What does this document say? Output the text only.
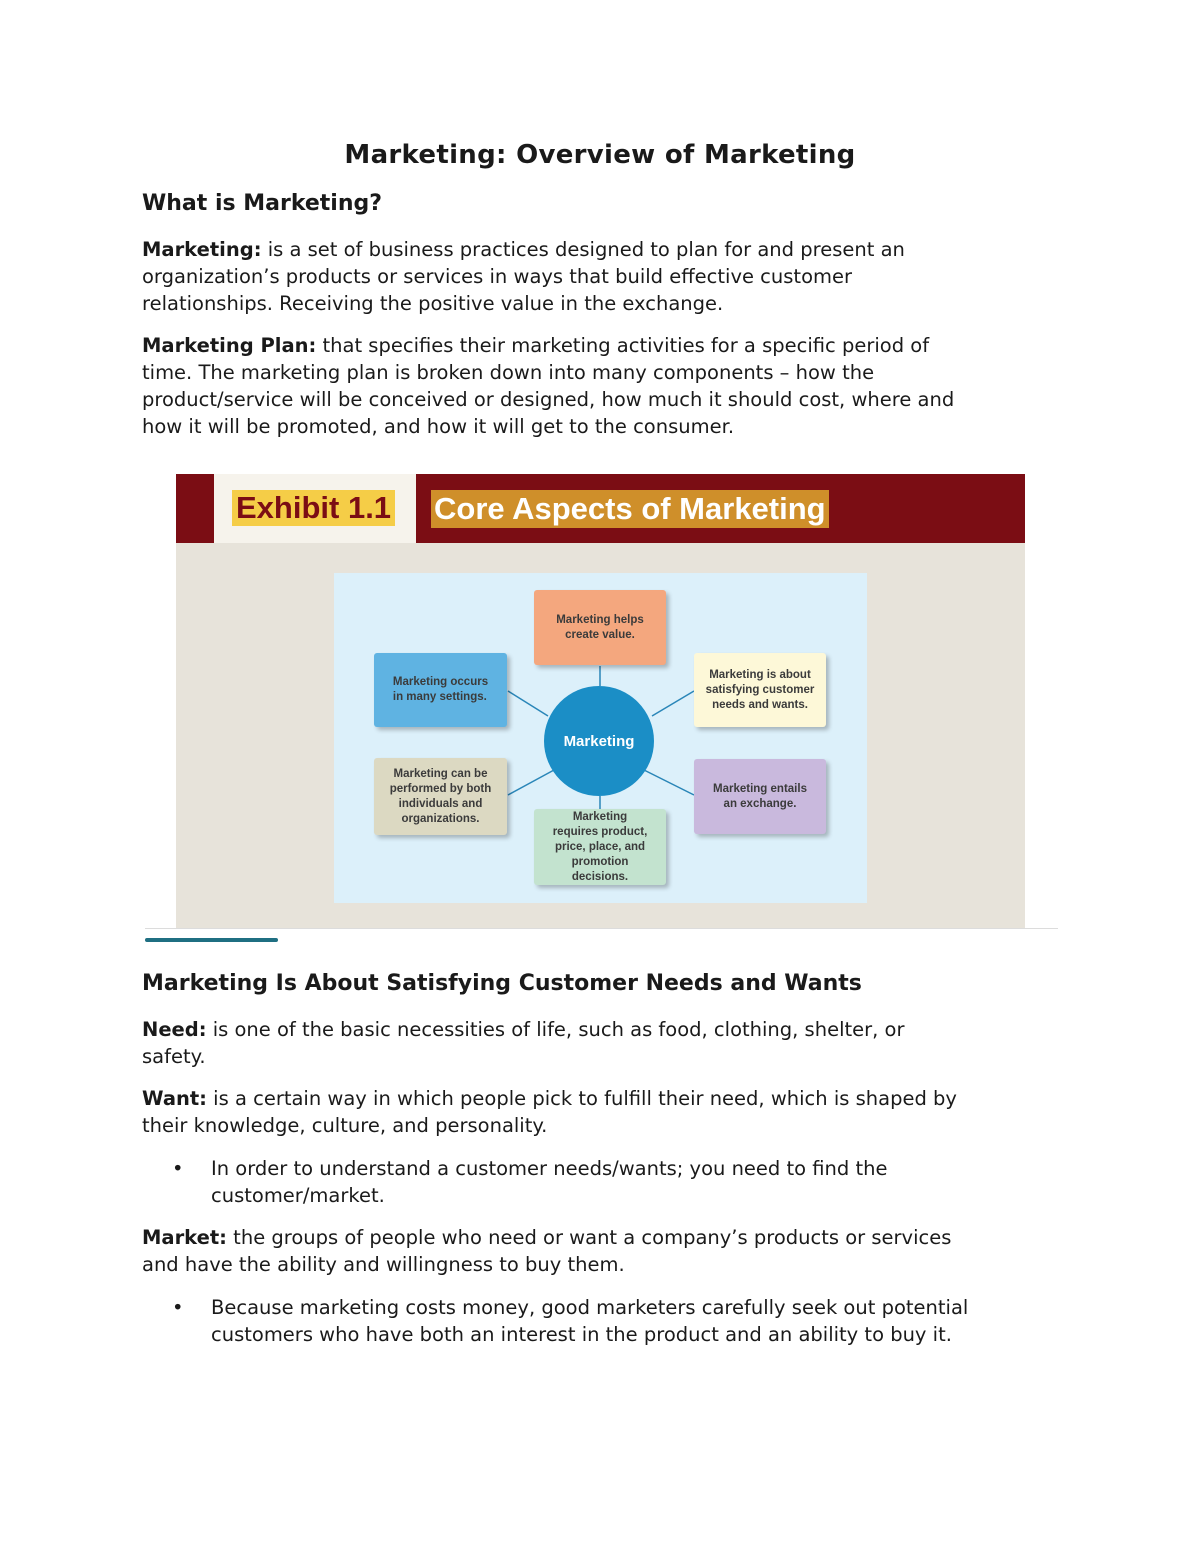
Marketing: Overview of Marketing
What is Marketing?
Marketing: is a set of business practices designed to plan for and present an
organization’s products or services in ways that build effective customer
relationships. Receiving the positive value in the exchange.
Marketing Plan: that specifies their marketing activities for a specific period of
time. The marketing plan is broken down into many components – how the
product/service will be conceived or designed, how much it should cost, where and
how it will be promoted, and how it will get to the consumer.
Exhibit 1.1 Core Aspects of Marketing
Marketing
Marketing helps
create value.
Marketing occurs
in many settings.
Marketing is about
satisfying customer
needs and wants.
Marketing can be
performed by both
individuals and
organizations.
Marketing entails
an exchange.
Marketing
requires product,
price, place, and
promotion decisions.
Marketing Is About Satisfying Customer Needs and Wants
Need: is one of the basic necessities of life, such as food, clothing, shelter, or
safety.
Want: is a certain way in which people pick to fulfill their need, which is shaped by
their knowledge, culture, and personality.
•	In order to understand a customer needs/wants; you need to find the
customer/market.
Market: the groups of people who need or want a company’s products or services
and have the ability and willingness to buy them.
•	Because marketing costs money, good marketers carefully seek out potential
customers who have both an interest in the product and an ability to buy it.
